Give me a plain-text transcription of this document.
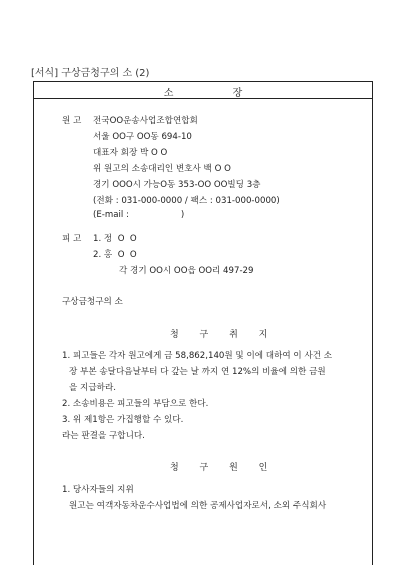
[서식] 구상금청구의 소 (2)
소 장
원 고 전국OO운송사업조합연합회
서울 OO구 OO동 694-10
대표자 회장 박 O O
위 원고의 소송대리인 변호사 백 O O
경기 OOO시 가능O동 353-OO OO빌딩 3층
(전화 : 031-000-0000 / 팩스 : 031-000-0000)
(E-mail :                   )
피 고 1. 정  O  O
2. 홍  O  O
각 경기 OO시 OO읍 OO리 497-29
구상금청구의 소
청 구 취 지
1. 피고들은 각자 원고에게 금 58,862,140원 및 이에 대하여 이 사건 소
장 부본 송달다음날부터 다 갚는 날 까지 연 12%의 비율에 의한 금원
을 지급하라.
2. 소송비용은 피고들의 부담으로 한다.
3. 위 제1항은 가집행할 수 있다.
라는 판결을 구합니다.
청 구 원 인
1. 당사자들의 지위
원고는 여객자동차운수사업법에 의한 공제사업자로서, 소외 주식회사
